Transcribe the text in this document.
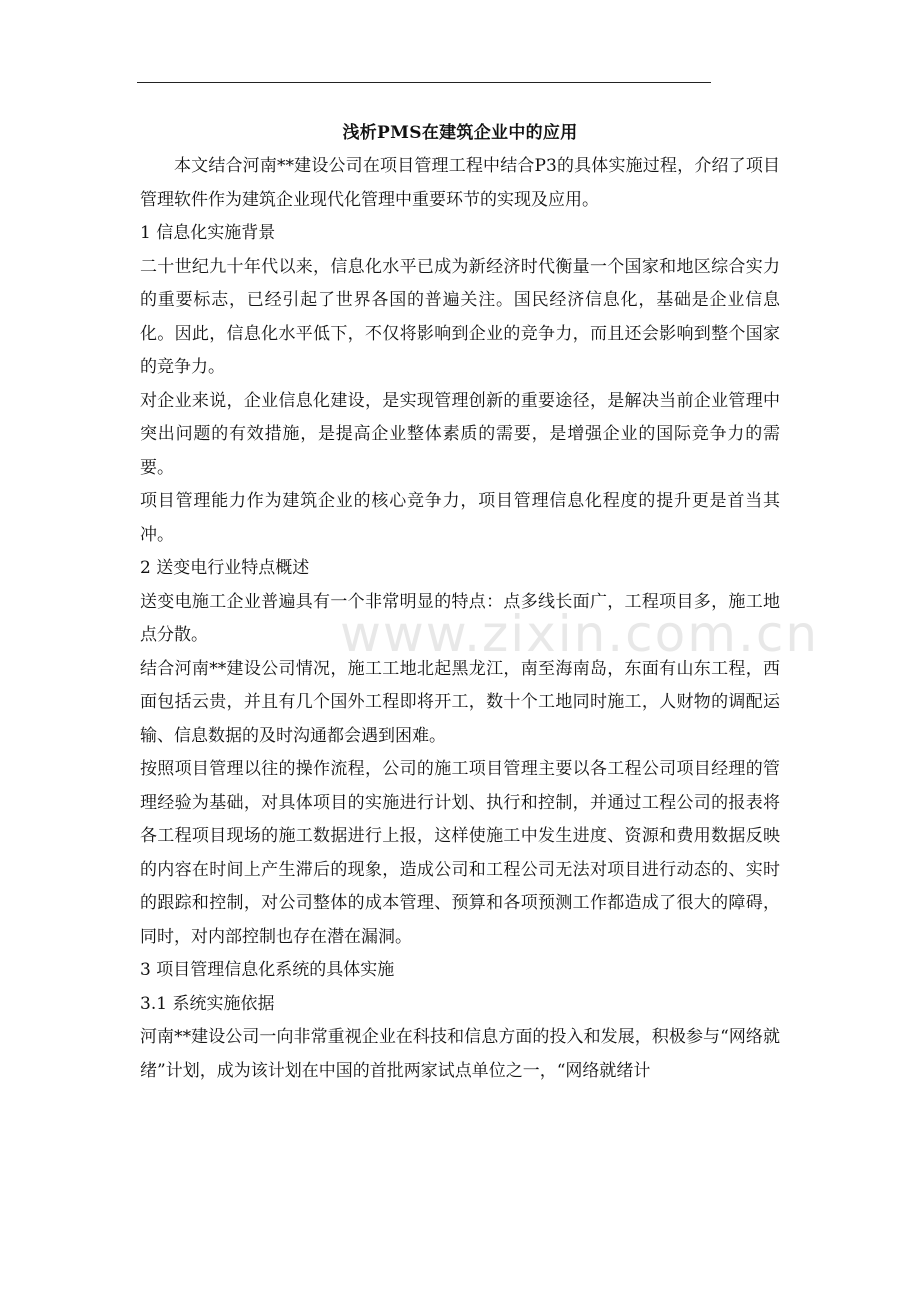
浅析PMS在建筑企业中的应用
www.zixin.com.cn

本文结合河南**建设公司在项目管理工程中结合P3的具体实施过程，介绍了项目管理软件作为建筑企业现代化管理中重要环节的实现及应用。

1 信息化实施背景

二十世纪九十年代以来，信息化水平已成为新经济时代衡量一个国家和地区综合实力的重要标志，已经引起了世界各国的普遍关注。国民经济信息化，基础是企业信息化。因此，信息化水平低下，不仅将影响到企业的竞争力，而且还会影响到整个国家的竞争力。

对企业来说，企业信息化建设，是实现管理创新的重要途径，是解决当前企业管理中突出问题的有效措施，是提高企业整体素质的需要，是增强企业的国际竞争力的需要。

项目管理能力作为建筑企业的核心竞争力，项目管理信息化程度的提升更是首当其冲。

2 送变电行业特点概述

送变电施工企业普遍具有一个非常明显的特点：点多线长面广，工程项目多，施工地点分散。

结合河南**建设公司情况，施工工地北起黑龙江，南至海南岛，东面有山东工程，西面包括云贵，并且有几个国外工程即将开工，数十个工地同时施工，人财物的调配运输、信息数据的及时沟通都会遇到困难。

按照项目管理以往的操作流程，公司的施工项目管理主要以各工程公司项目经理的管理经验为基础，对具体项目的实施进行计划、执行和控制，并通过工程公司的报表将各工程项目现场的施工数据进行上报，这样使施工中发生进度、资源和费用数据反映的内容在时间上产生滞后的现象，造成公司和工程公司无法对项目进行动态的、实时的跟踪和控制，对公司整体的成本管理、预算和各项预测工作都造成了很大的障碍，同时，对内部控制也存在潜在漏洞。

3 项目管理信息化系统的具体实施

3.1 系统实施依据

河南**建设公司一向非常重视企业在科技和信息方面的投入和发展，积极参与“网络就绪”计划，成为该计划在中国的首批两家试点单位之一，“网络就绪计
